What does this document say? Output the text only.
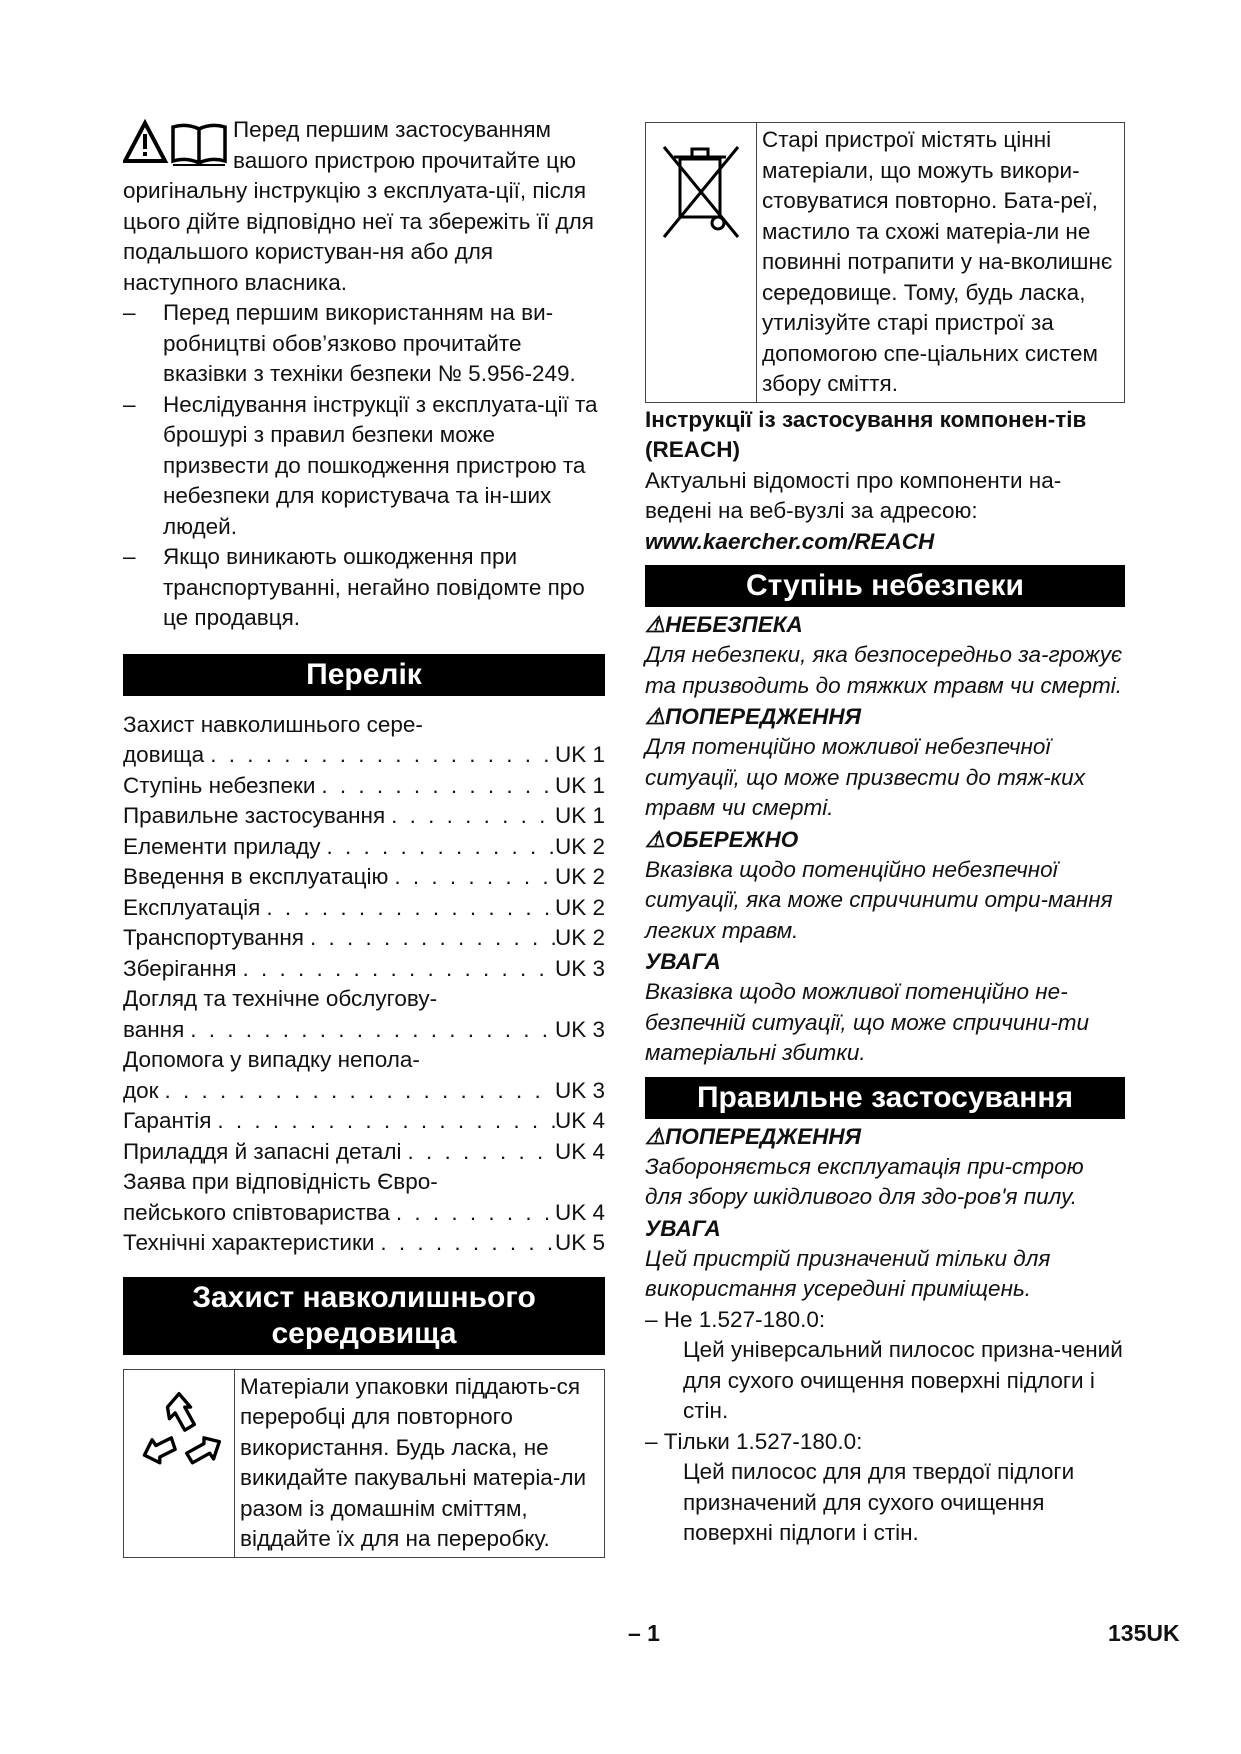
Перед першим застосуванням вашого пристрою прочитайте цю оригінальну інструкцію з експлуата-ції, після цього дійте відповідно неї та збережіть її для подальшого користуван-ня або для наступного власника.
–	Перед першим використанням на ви-робництві обов’язково прочитайте вказівки з техніки безпеки № 5.956-249.
–	Неслідування інструкції з експлуата-ції та брошурі з правил безпеки може призвести до пошкодження пристрою та небезпеки для користувача та ін-ших людей.
–	Якщо виникають ошкодження при транспортуванні, негайно повідомте про це продавця.
Перелік
Захист навколишнього сере-
довища . . .	UK 1
Ступінь небезпеки . . .	UK 1
Правильне застосування . . .	UK 1
Елементи приладу . . .	UK 2
Введення в експлуатацію . . .	UK 2
Експлуатація . . .	UK 2
Транспортування . . .	UK 2
Зберігання . . .	UK 3
Догляд та технічне обслугову-
вання . . .	UK 3
Допомога у випадку непола-
док . . .	UK 3
Гарантія . . .	UK 4
Приладдя й запасні деталі . . .	UK 4
Заява при відповідність Євро-
пейського співтовариства . . .	UK 4
Технічні характеристики . . .	UK 5
Захист навколишнього середовища
Матеріали упаковки піддають-ся переробці для повторного використання. Будь ласка, не викидайте пакувальні матеріа-ли разом із домашнім сміттям, віддайте їх для на переробку.
Старі пристрої містять цінні матеріали, що можуть викори-стовуватися повторно. Бата-реї, мастило та схожі матеріа-ли не повинні потрапити у на-вколишнє середовище. Тому, будь ласка, утилізуйте старі пристрої за допомогою спе-ціальних систем збору сміття.
Інструкції із застосування компонен-тів (REACH)
Актуальні відомості про компоненти на-ведені на веб-вузлі за адресою:
www.kaercher.com/REACH
Ступінь небезпеки
⚠НЕБЕЗПЕКА
Для небезпеки, яка безпосередньо за-грожує та призводить до тяжких травм чи смерті.
⚠ПОПЕРЕДЖЕННЯ
Для потенційно можливої небезпечної ситуації, що може призвести до тяж-ких травм чи смерті.
⚠ОБЕРЕЖНО
Вказівка щодо потенційно небезпечної ситуації, яка може спричинити отри-мання легких травм.
УВАГА
Вказівка щодо можливої потенційно не-безпечній ситуації, що може спричини-ти матеріальні збитки.
Правильне застосування
⚠ПОПЕРЕДЖЕННЯ
Забороняється експлуатація при-строю для збору шкідливого для здо-ров'я пилу.
УВАГА
Цей пристрій призначений тільки для використання усередині приміщень.
– Не 1.527-180.0:
Цей універсальний пилосос призна-чений для сухого очищення поверхні підлоги і стін.
– Тільки 1.527-180.0:
Цей пилосос для для твердої підлоги призначений для сухого очищення поверхні підлоги і стін.
– 1	135UK
